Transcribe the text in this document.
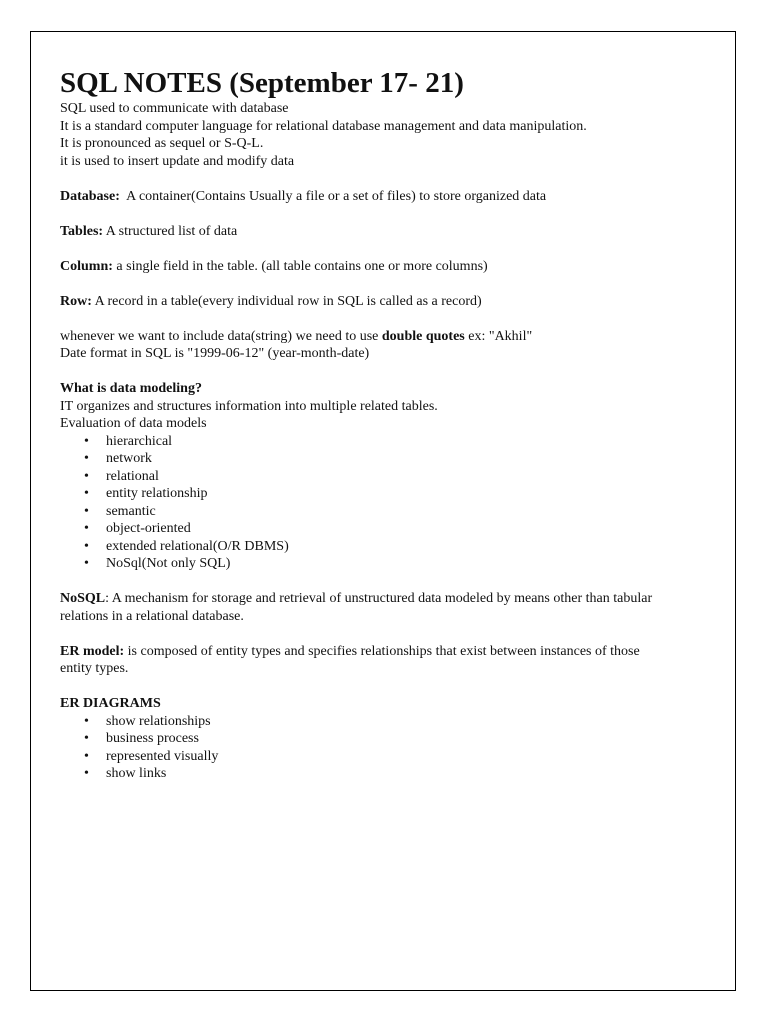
SQL NOTES (September 17- 21)

SQL used to communicate with database

It is a standard computer language for relational database management and data manipulation.

It is pronounced as sequel or S-Q-L.

it is used to insert update and modify data

Database:  A container(Contains Usually a file or a set of files) to store organized data

Tables: A structured list of data

Column: a single field in the table. (all table contains one or more columns)

Row: A record in a table(every individual row in SQL is called as a record)

whenever we want to include data(string) we need to use double quotes ex: "Akhil"

Date format in SQL is "1999-06-12" (year-month-date)

What is data modeling?

IT organizes and structures information into multiple related tables.

Evaluation of data models

• hierarchical
• network
• relational
• entity relationship
• semantic
• object-oriented
• extended relational(O/R DBMS)
• NoSql(Not only SQL)

NoSQL: A mechanism for storage and retrieval of unstructured data modeled by means other than tabular relations in a relational database.

ER model: is composed of entity types and specifies relationships that exist between instances of those entity types.

ER DIAGRAMS

• show relationships
• business process
• represented visually
• show links
